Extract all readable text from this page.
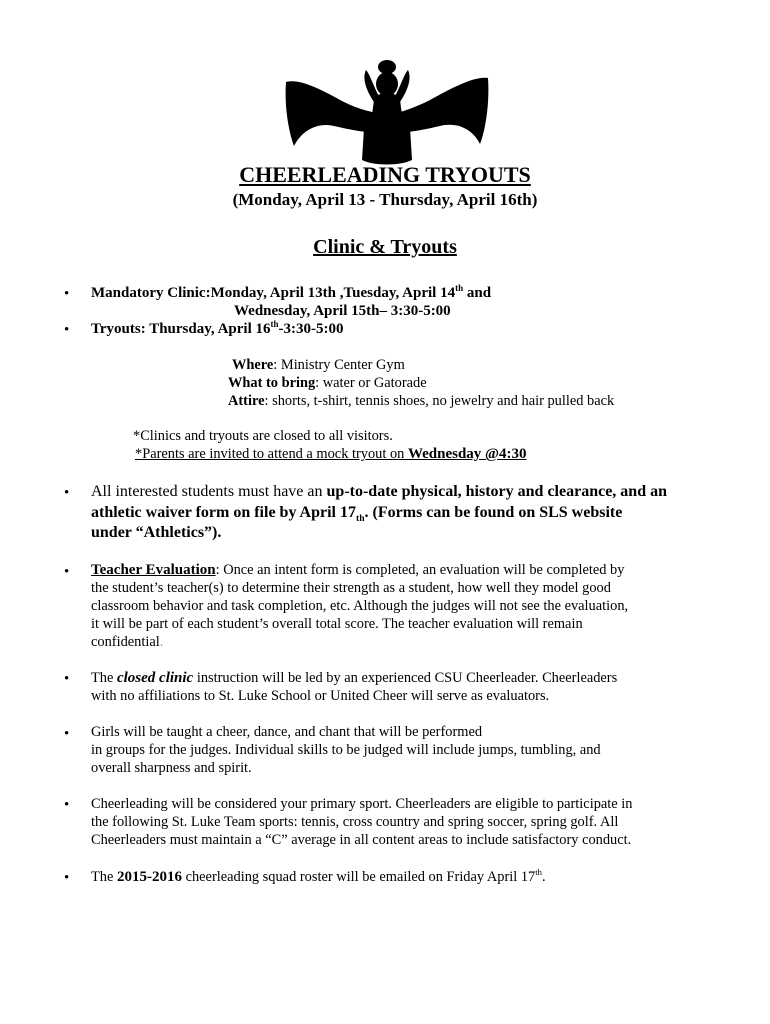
CHEERLEADING TRYOUTS
(Monday, April 13 - Thursday, April 16th)
Clinic & Tryouts
• Mandatory Clinic:Monday, April 13th ,Tuesday, April 14th and
Wednesday, April 15th– 3:30-5:00
• Tryouts: Thursday, April 16th-3:30-5:00
Where: Ministry Center Gym
What to bring: water or Gatorade
Attire: shorts, t-shirt, tennis shoes, no jewelry and hair pulled back
*Clinics and tryouts are closed to all visitors.
*Parents are invited to attend a mock tryout on Wednesday @4:30
• All interested students must have an up-to-date physical, history and clearance, and an
athletic waiver form on file by April $17_{th}$. (Forms can be found on SLS website
under “Athletics”).
• Teacher Evaluation: Once an intent form is completed, an evaluation will be completed by
the student’s teacher(s) to determine their strength as a student, how well they model good
classroom behavior and task completion, etc. Although the judges will not see the evaluation,
it will be part of each student’s overall total score. The teacher evaluation will remain
confidential.
• The closed clinic instruction will be led by an experienced CSU Cheerleader. Cheerleaders
with no affiliations to St. Luke School or United Cheer will serve as evaluators.
• Girls will be taught a cheer, dance, and chant that will be performed
in groups for the judges. Individual skills to be judged will include jumps, tumbling, and
overall sharpness and spirit.
• Cheerleading will be considered your primary sport. Cheerleaders are eligible to participate in
the following St. Luke Team sports: tennis, cross country and spring soccer, spring golf. All
Cheerleaders must maintain a “C” average in all content areas to include satisfactory conduct.
• The 2015-2016 cheerleading squad roster will be emailed on Friday April 17th.
